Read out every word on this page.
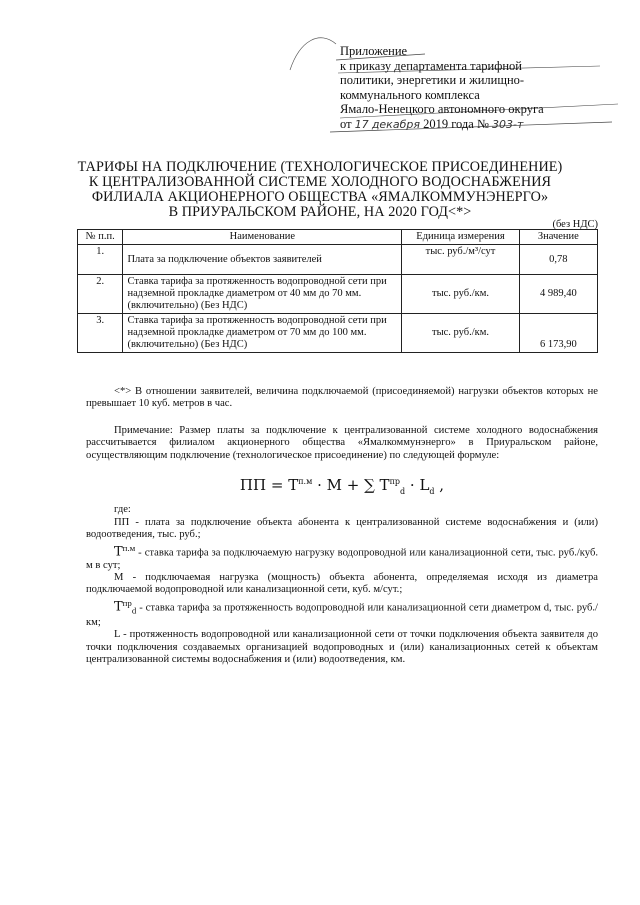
Приложение
к приказу департамента тарифной
политики, энергетики и жилищно-
коммунального комплекса
Ямало-Ненецкого автономного округа
от 17 декабря 2019 года № 303-т
ТАРИФЫ НА ПОДКЛЮЧЕНИЕ (ТЕХНОЛОГИЧЕСКОЕ ПРИСОЕДИНЕНИЕ)
К ЦЕНТРАЛИЗОВАННОЙ СИСТЕМЕ ХОЛОДНОГО ВОДОСНАБЖЕНИЯ
ФИЛИАЛА АКЦИОНЕРНОГО ОБЩЕСТВА «ЯМАЛКОММУНЭНЕРГО»
В ПРИУРАЛЬСКОМ РАЙОНЕ, НА 2020 ГОД<*>
(без НДС)
№ п.п.	Наименование	Единица измерения	Значение
1.	Плата за подключение объектов заявителей	тыс. руб./м³/сут	0,78
2.	Ставка тарифа за протяженность водопроводной сети при надземной прокладке диаметром от 40 мм до 70 мм. (включительно) (Без НДС)	тыс. руб./км.	4 989,40
3.	Ставка тарифа за протяженность водопроводной сети при надземной прокладке диаметром от 70 мм до 100 мм. (включительно) (Без НДС)	тыс. руб./км.	6 173,90

<*> В отношении заявителей, величина подключаемой (присоединяемой) нагрузки объектов которых не превышает 10 куб. метров в час.

Примечание: Размер платы за подключение к централизованной системе холодного водоснабжения рассчитывается филиалом акционерного общества «Ямалкоммунэнерго» в Приуральском районе, осуществляющим подключение (технологическое присоединение) по следующей формуле:

ПП = $T^{п.м} \cdot M$ + ∑ $T^{пр}_d \cdot L_d$ ,

где:

ПП - плата за подключение объекта абонента к централизованной системе водоснабжения и (или) водоотведения, тыс. руб.;

$T^{п.м}$ - ставка тарифа за подключаемую нагрузку водопроводной или канализационной сети, тыс. руб./куб. м в сут;

М - подключаемая нагрузка (мощность) объекта абонента, определяемая исходя из диаметра подключаемой водопроводной или канализационной сети, куб. м/сут.;

$T^{пр}_d$ - ставка тарифа за протяженность водопроводной или канализационной сети диаметром d, тыс. руб./км;

L - протяженность водопроводной или канализационной сети от точки подключения объекта заявителя до точки подключения создаваемых организацией водопроводных и (или) канализационных сетей к объектам централизованной системы водоснабжения и (или) водоотведения, км.
